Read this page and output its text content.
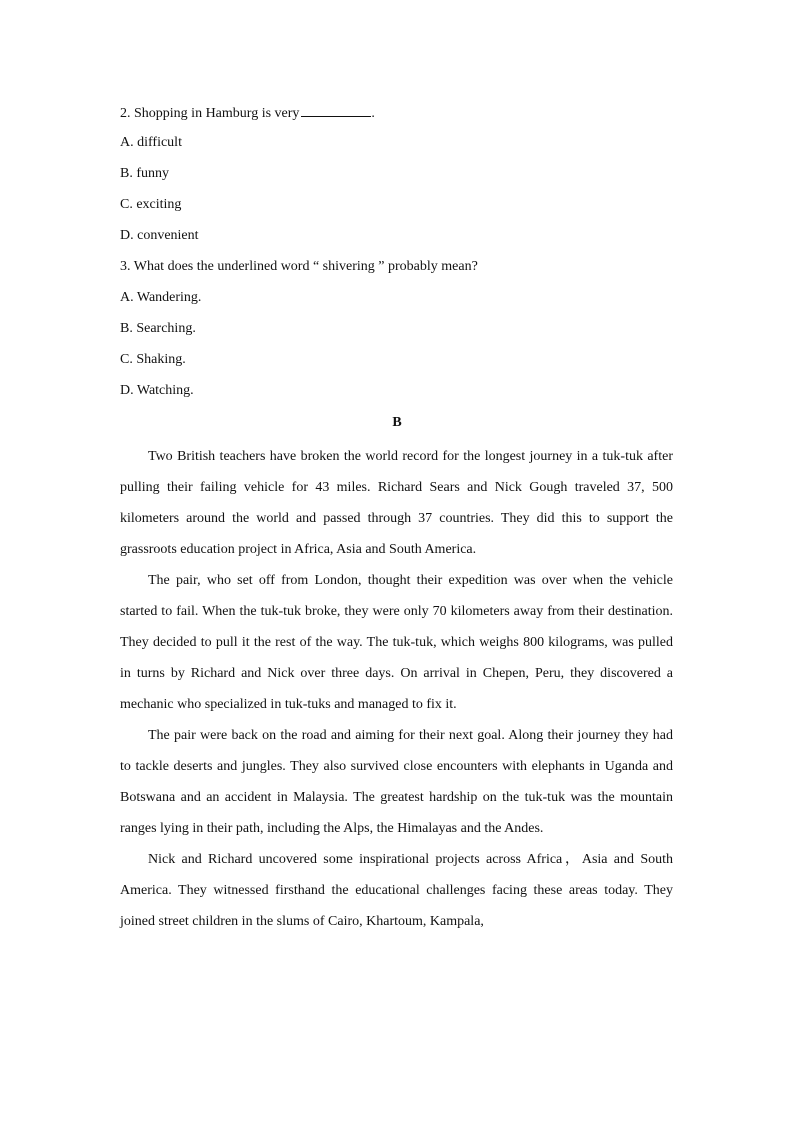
2. Shopping in Hamburg is very	.
A. difficult
B. funny
C. exciting
D. convenient
3. What does the underlined word “ shivering ” probably mean?
A. Wandering.
B. Searching.
C. Shaking.
D. Watching.
B

Two British teachers have broken the world record for the longest journey in a tuk-tuk after pulling their failing vehicle for 43 miles. Richard Sears and Nick Gough traveled 37, 500 kilometers around the world and passed through 37 countries. They did this to support the grassroots education project in Africa, Asia and South America.

The pair, who set off from London, thought their expedition was over when the vehicle started to fail. When the tuk-tuk broke, they were only 70 kilometers away from their destination. They decided to pull it the rest of the way. The tuk-tuk, which weighs 800 kilograms, was pulled in turns by Richard and Nick over three days. On arrival in Chepen, Peru, they discovered a mechanic who specialized in tuk-tuks and managed to fix it.

The pair were back on the road and aiming for their next goal. Along their journey they had to tackle deserts and jungles. They also survived close encounters with elephants in Uganda and Botswana and an accident in Malaysia. The greatest hardship on the tuk-tuk was the mountain ranges lying in their path, including the Alps, the Himalayas and the Andes.

Nick and Richard uncovered some inspirational projects across Africa，Asia and South America. They witnessed firsthand the educational challenges facing these areas today. They joined street children in the slums of Cairo, Khartoum, Kampala,
